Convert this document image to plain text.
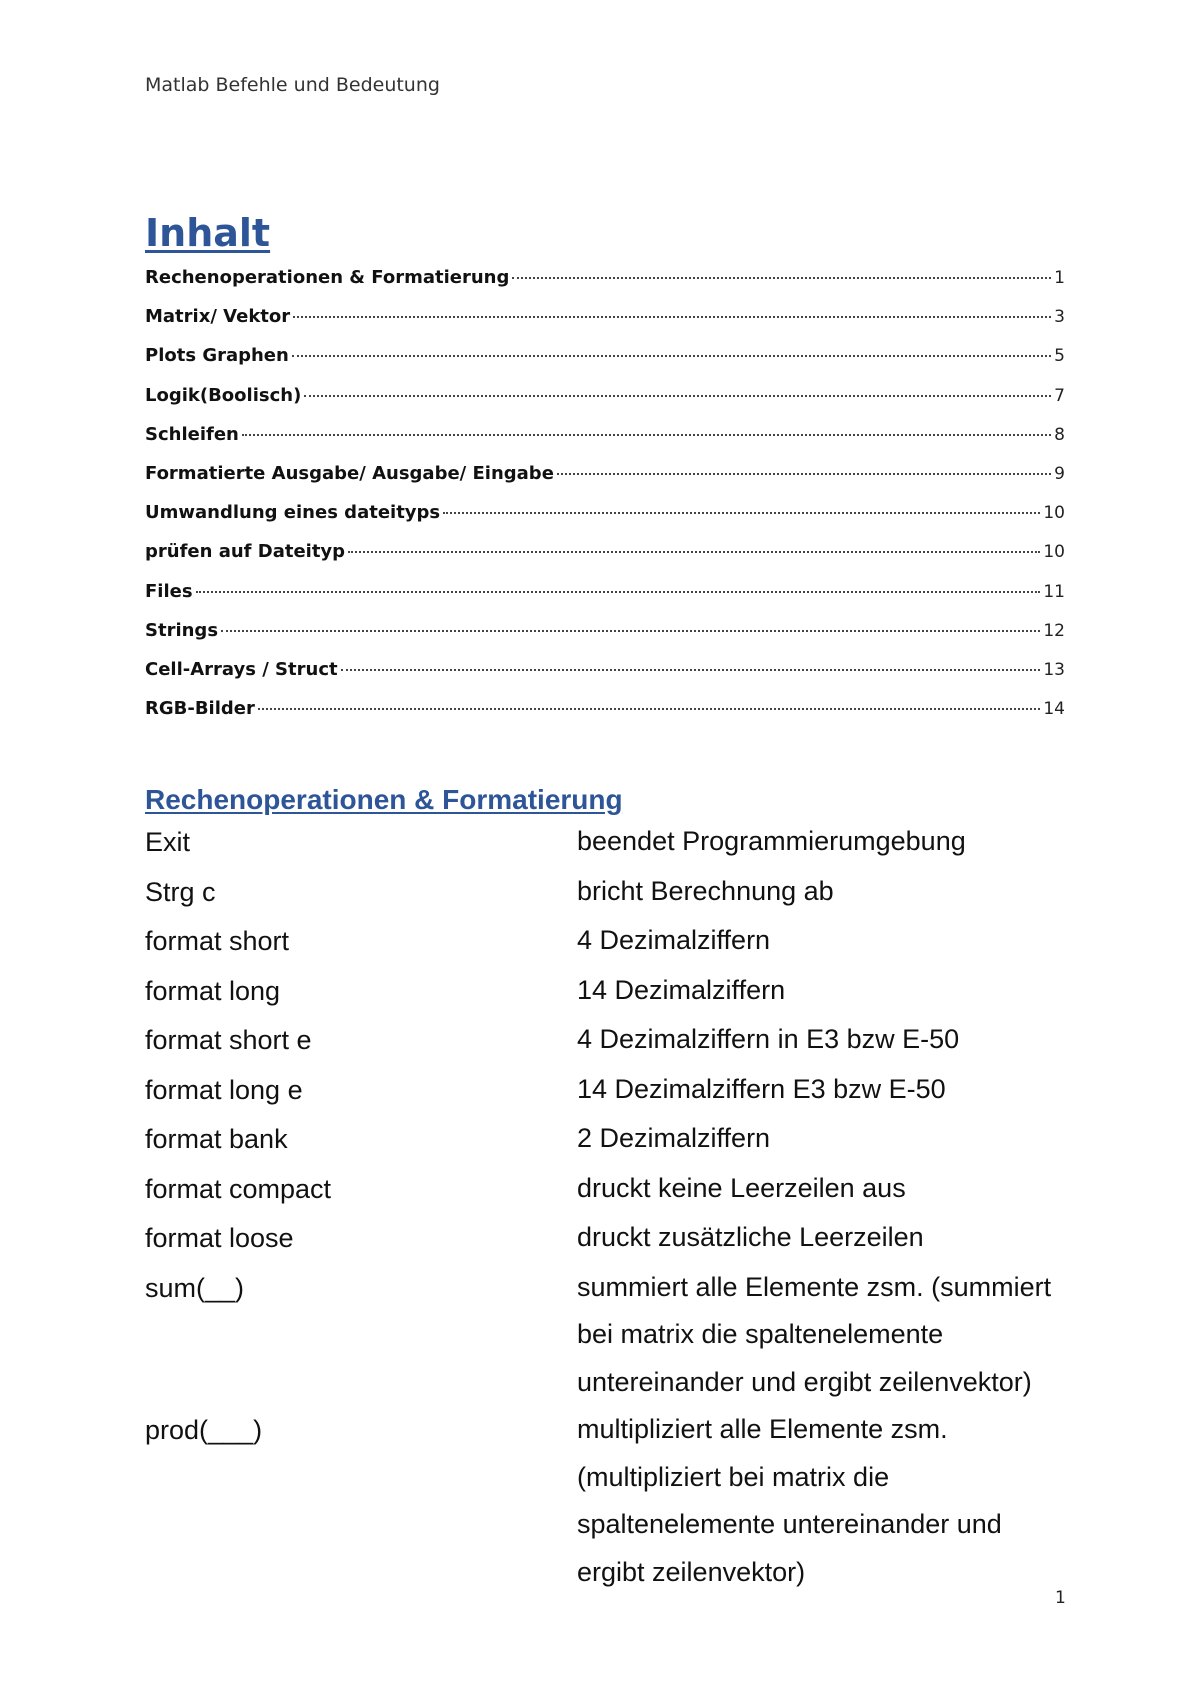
Matlab Befehle und Bedeutung
Inhalt
Rechenoperationen & Formatierung	1
Matrix/ Vektor	3
Plots Graphen	5
Logik(Boolisch)	7
Schleifen	8
Formatierte Ausgabe/ Ausgabe/ Eingabe	9
Umwandlung eines dateityps	10
prüfen auf Dateityp	10
Files	11
Strings	12
Cell-Arrays / Struct	13
RGB-Bilder	14
Rechenoperationen & Formatierung
Exit	beendet Programmierumgebung
Strg c	bricht Berechnung ab
format short	4 Dezimalziffern
format long	14 Dezimalziffern
format short e	4 Dezimalziffern in E3 bzw E-50
format long e	14 Dezimalziffern E3 bzw E-50
format bank	2 Dezimalziffern
format compact	druckt keine Leerzeilen aus
format loose	druckt zusätzliche Leerzeilen
sum(__)	summiert alle Elemente zsm. (summiert bei matrix die spaltenelemente untereinander und ergibt zeilenvektor)
prod(___)	multipliziert alle Elemente zsm. (multipliziert bei matrix die spaltenelemente untereinander und ergibt zeilenvektor)
1
